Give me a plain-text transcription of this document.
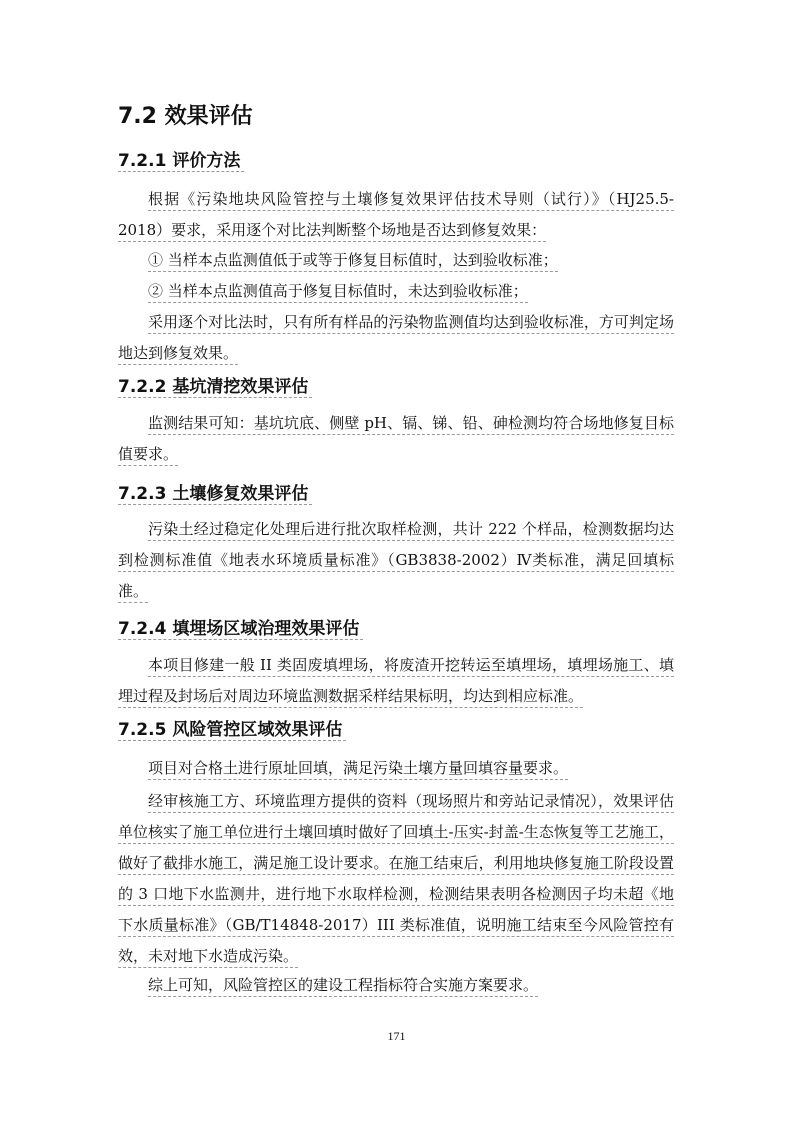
7.2 效果评估
7.2.1 评价方法

根据《污染地块风险管控与土壤修复效果评估技术导则（试行）》（HJ25.5-2018）要求，采用逐个对比法判断整个场地是否达到修复效果：

① 当样本点监测值低于或等于修复目标值时，达到验收标准；

② 当样本点监测值高于修复目标值时，未达到验收标准；

采用逐个对比法时，只有所有样品的污染物监测值均达到验收标准，方可判定场地达到修复效果。

7.2.2 基坑清挖效果评估

监测结果可知：基坑坑底、侧壁 pH、镉、锑、铅、砷检测均符合场地修复目标值要求。

7.2.3 土壤修复效果评估

污染土经过稳定化处理后进行批次取样检测，共计 222 个样品，检测数据均达到检测标准值《地表水环境质量标准》（GB3838-2002）Ⅳ类标准，满足回填标准。

7.2.4 填埋场区域治理效果评估

本项目修建一般 II 类固废填埋场，将废渣开挖转运至填埋场，填埋场施工、填埋过程及封场后对周边环境监测数据采样结果标明，均达到相应标准。

7.2.5 风险管控区域效果评估

项目对合格土进行原址回填，满足污染土壤方量回填容量要求。

经审核施工方、环境监理方提供的资料（现场照片和旁站记录情况），效果评估单位核实了施工单位进行土壤回填时做好了回填土-压实-封盖-生态恢复等工艺施工，做好了截排水施工，满足施工设计要求。在施工结束后，利用地块修复施工阶段设置的 3 口地下水监测井，进行地下水取样检测，检测结果表明各检测因子均未超《地下水质量标准》（GB/T14848-2017）III 类标准值，说明施工结束至今风险管控有效，未对地下水造成污染。

综上可知，风险管控区的建设工程指标符合实施方案要求。

171
